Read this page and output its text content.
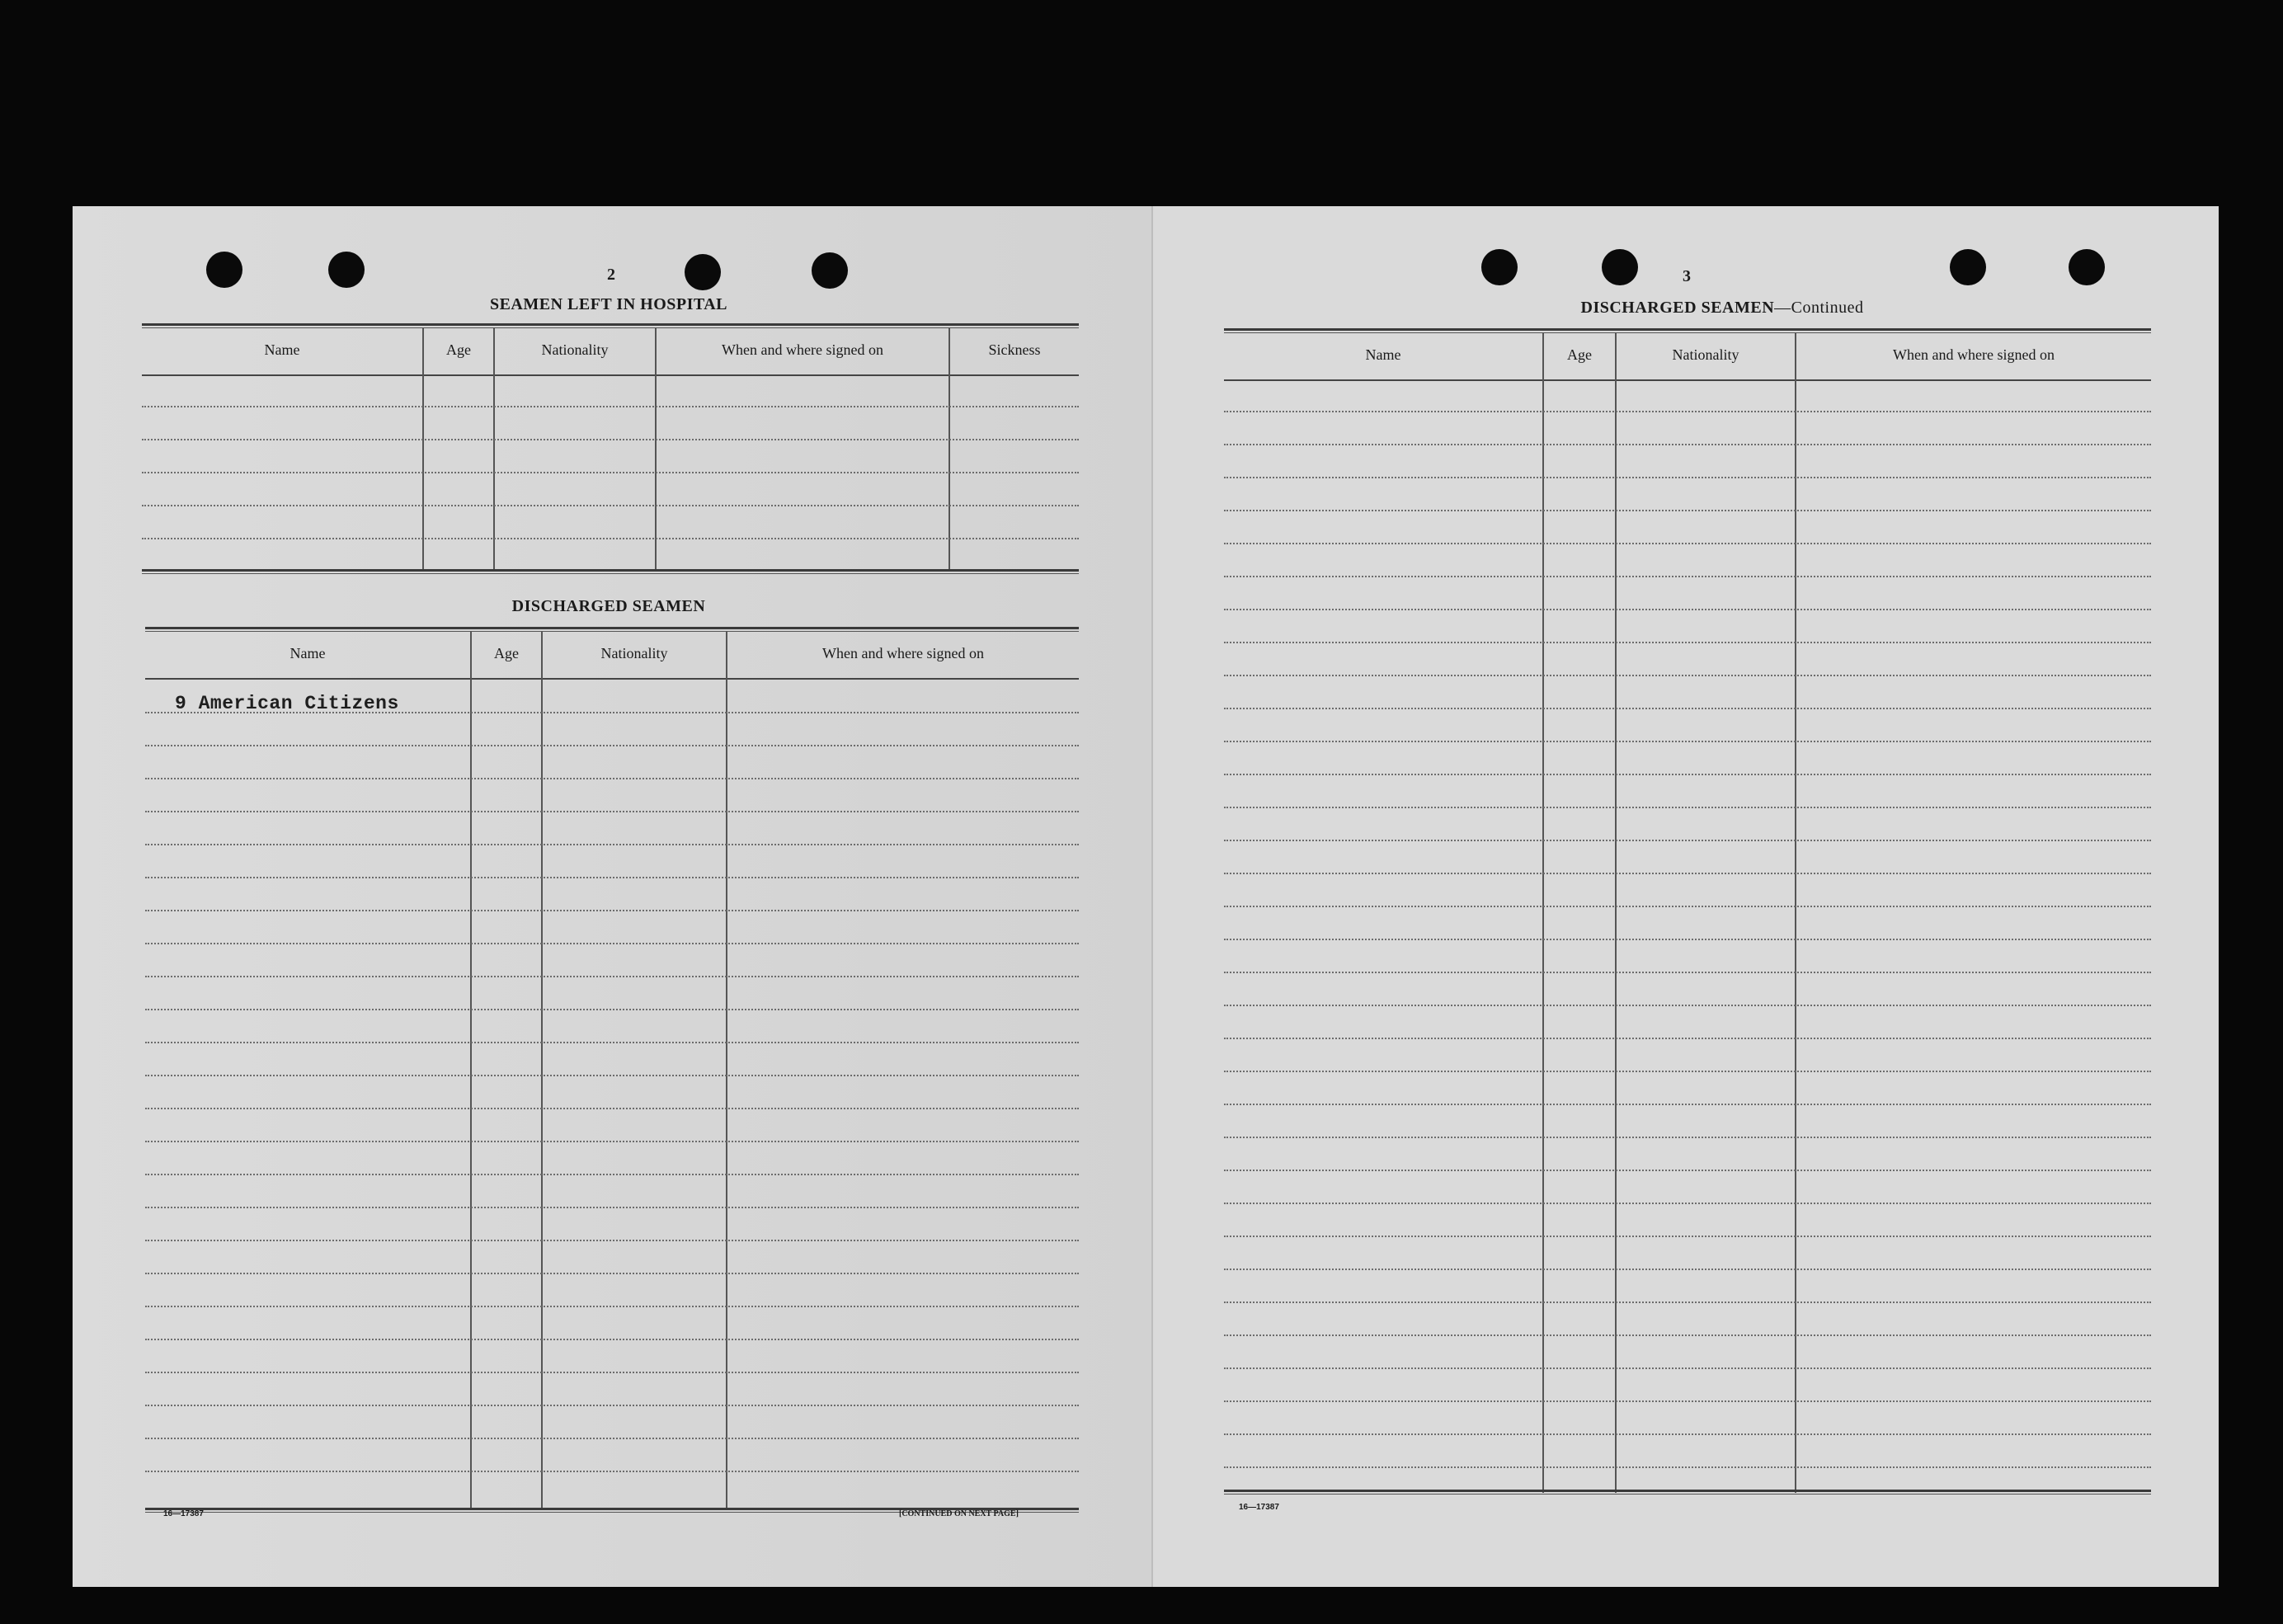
2
SEAMEN LEFT IN HOSPITAL
Name	Age	Nationality	When and where signed on	Sickness
DISCHARGED SEAMEN
Name	Age	Nationality	When and where signed on
9 American Citizens
16—17387	[CONTINUED ON NEXT PAGE]
3
DISCHARGED SEAMEN—Continued
Name	Age	Nationality	When and where signed on
16—17387
